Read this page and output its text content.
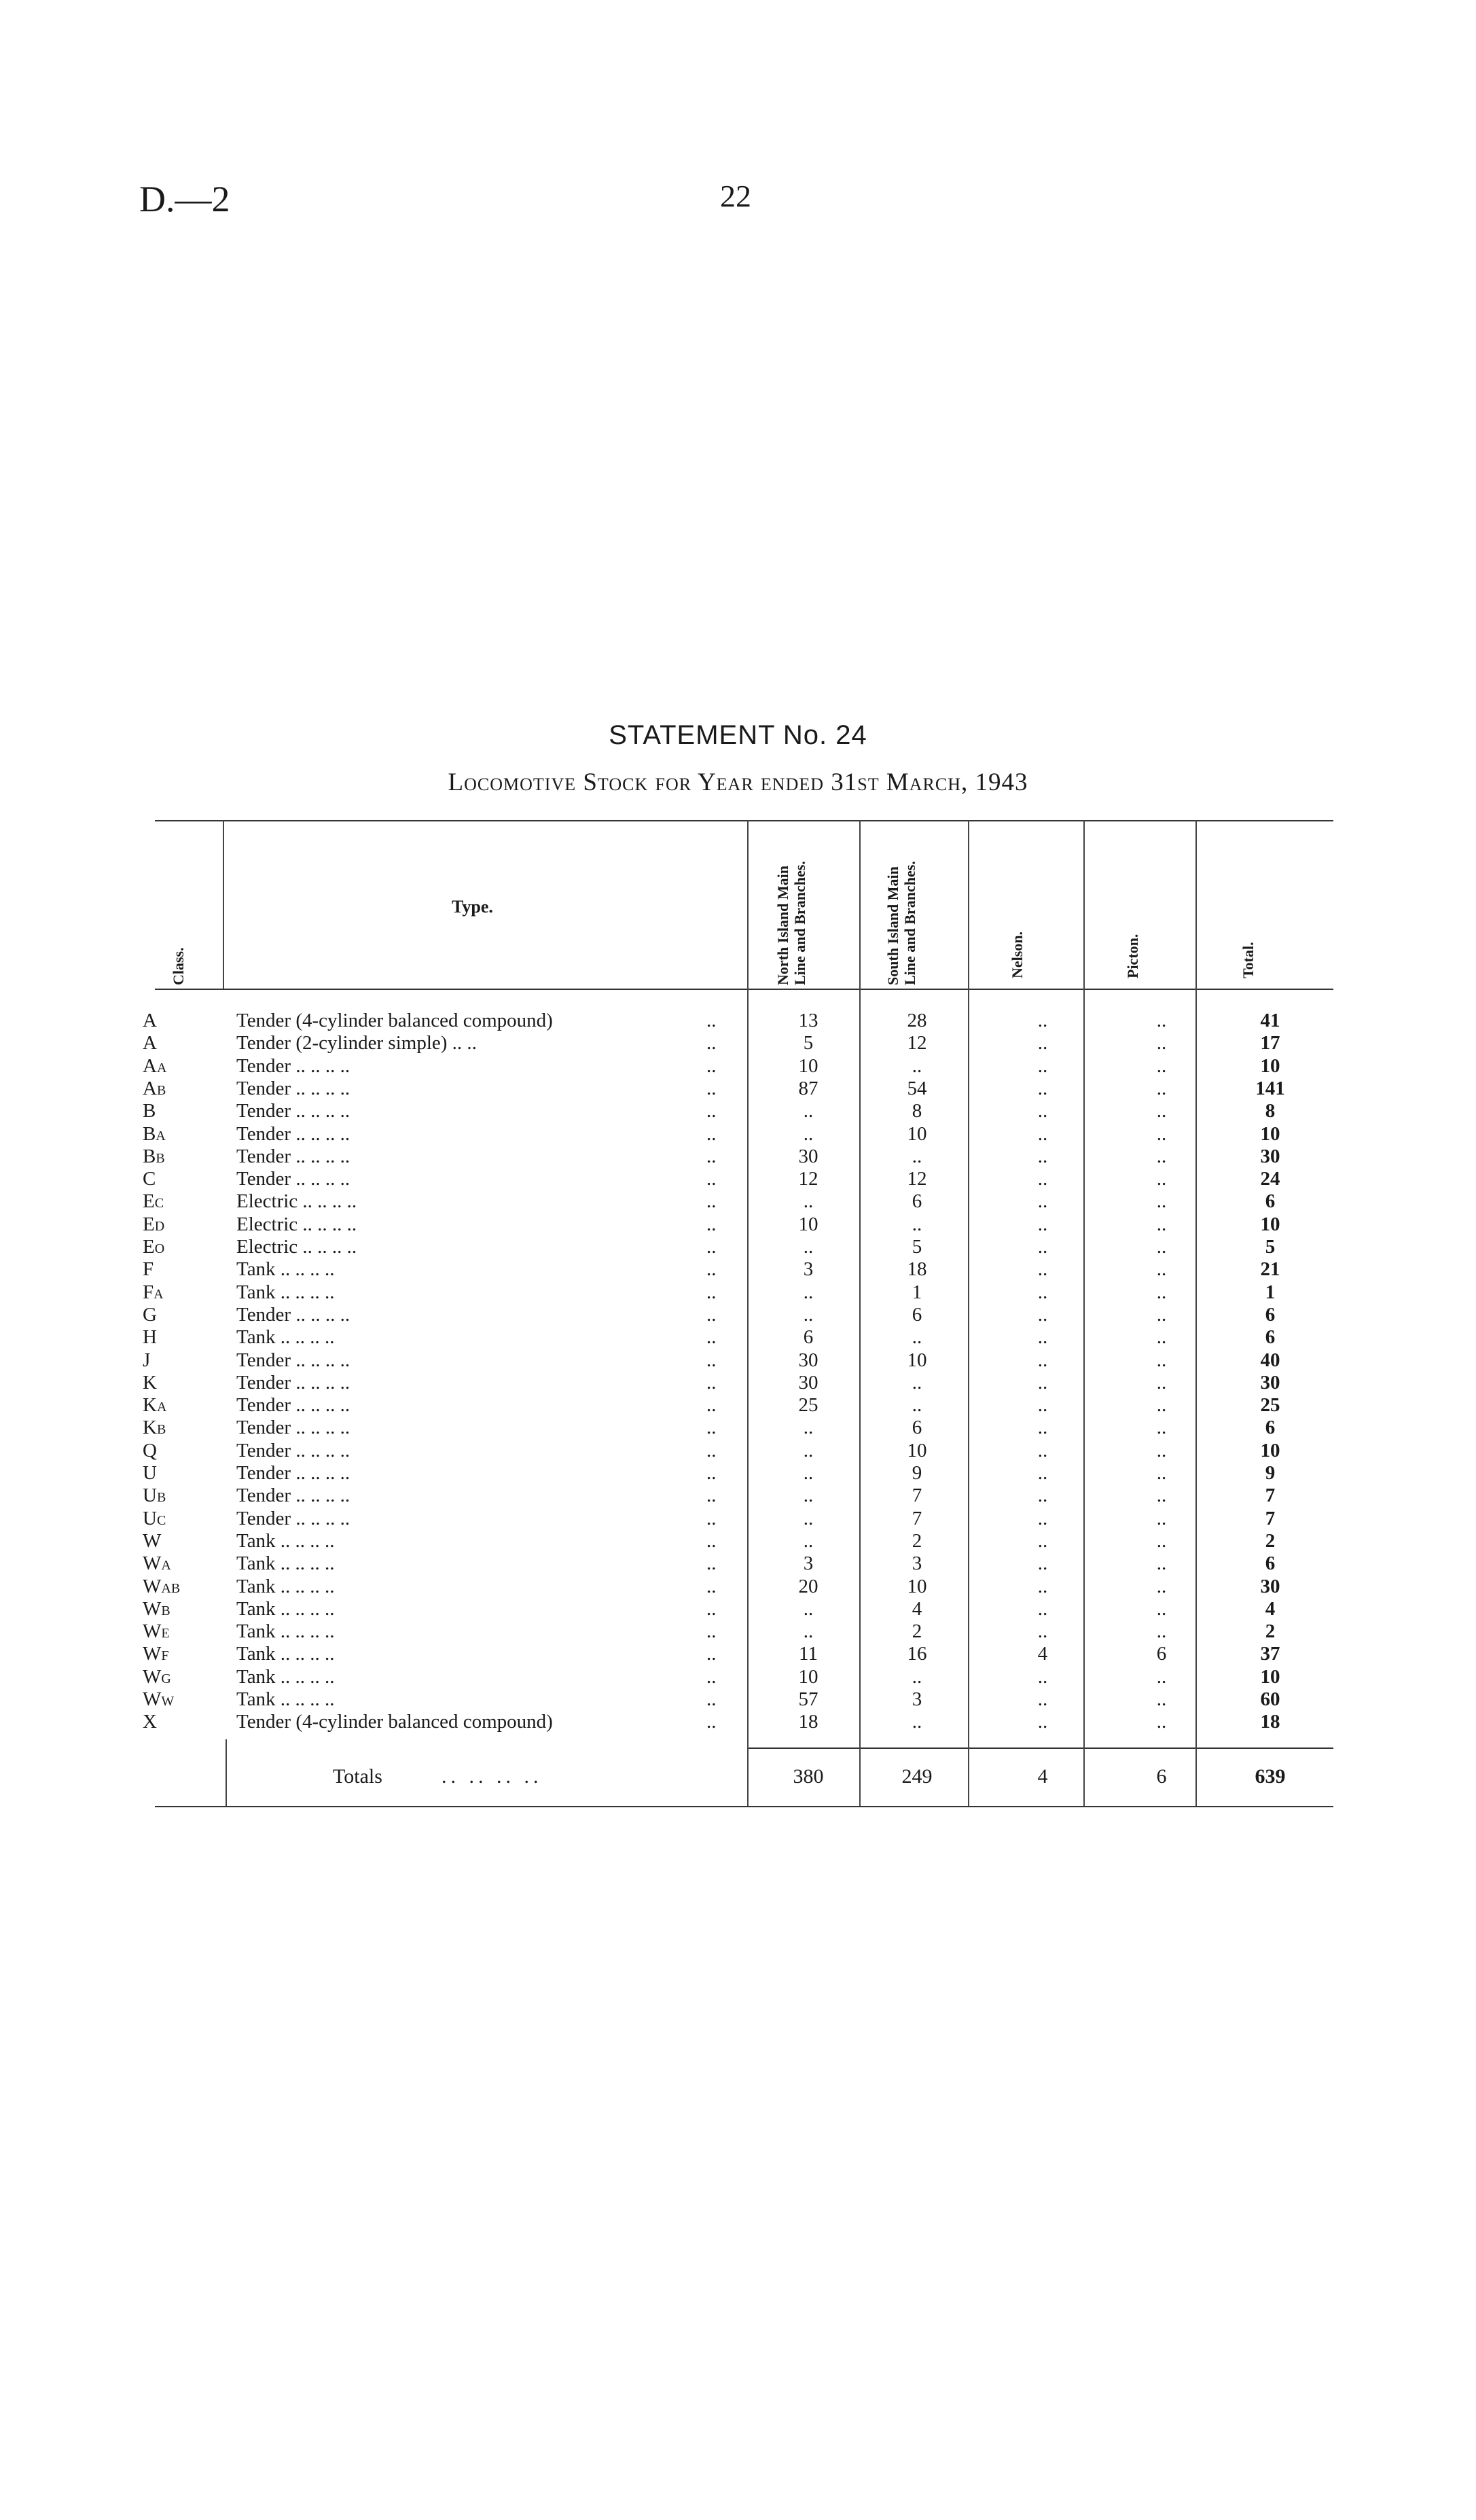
D.—2	22
STATEMENT No. 24
Locomotive Stock for Year ended 31st March, 1943
Class.
Type.	North Island Main Line and Branches.	South Island Main Line and Branches.	Nelson.	Picton.	Total.
A	Tender (4-cylinder balanced compound)	..	13	28	..	..	41
A	Tender (2-cylinder simple) .. ..	..	5	12	..	..	17
Aa	Tender .. .. .. ..	..	10	..	..	..	10
Ab	Tender .. .. .. ..	..	87	54	..	..	141
B	Tender .. .. .. ..	..	..	8	..	..	8
Ba	Tender .. .. .. ..	..	..	10	..	..	10
Bb	Tender .. .. .. ..	..	30	..	..	..	30
C	Tender .. .. .. ..	..	12	12	..	..	24
Ec	Electric .. .. .. ..	..	..	6	..	..	6
Ed	Electric .. .. .. ..	..	10	..	..	..	10
Eo	Electric .. .. .. ..	..	..	5	..	..	5
F	Tank .. .. .. ..	..	3	18	..	..	21
Fa	Tank .. .. .. ..	..	..	1	..	..	1
G	Tender .. .. .. ..	..	..	6	..	..	6
H	Tank .. .. .. ..	..	6	..	..	..	6
J	Tender .. .. .. ..	..	30	10	..	..	40
K	Tender .. .. .. ..	..	30	..	..	..	30
Ka	Tender .. .. .. ..	..	25	..	..	..	25
Kb	Tender .. .. .. ..	..	..	6	..	..	6
Q	Tender .. .. .. ..	..	..	10	..	..	10
U	Tender .. .. .. ..	..	..	9	..	..	9
Ub	Tender .. .. .. ..	..	..	7	..	..	7
Uc	Tender .. .. .. ..	..	..	7	..	..	7
W	Tank .. .. .. ..	..	..	2	..	..	2
Wa	Tank .. .. .. ..	..	3	3	..	..	6
Wab	Tank .. .. .. ..	..	20	10	..	..	30
Wb	Tank .. .. .. ..	..	..	4	..	..	4
We	Tank .. .. .. ..	..	..	2	..	..	2
Wf	Tank .. .. .. ..	..	11	16	4	6	37
Wg	Tank .. .. .. ..	..	10	..	..	..	10
Ww	Tank .. .. .. ..	..	57	3	..	..	60
X	Tender (4-cylinder balanced compound)	..	18	..	..	..	18
Totals	.. .. .. ..	380	249	4	6	639
